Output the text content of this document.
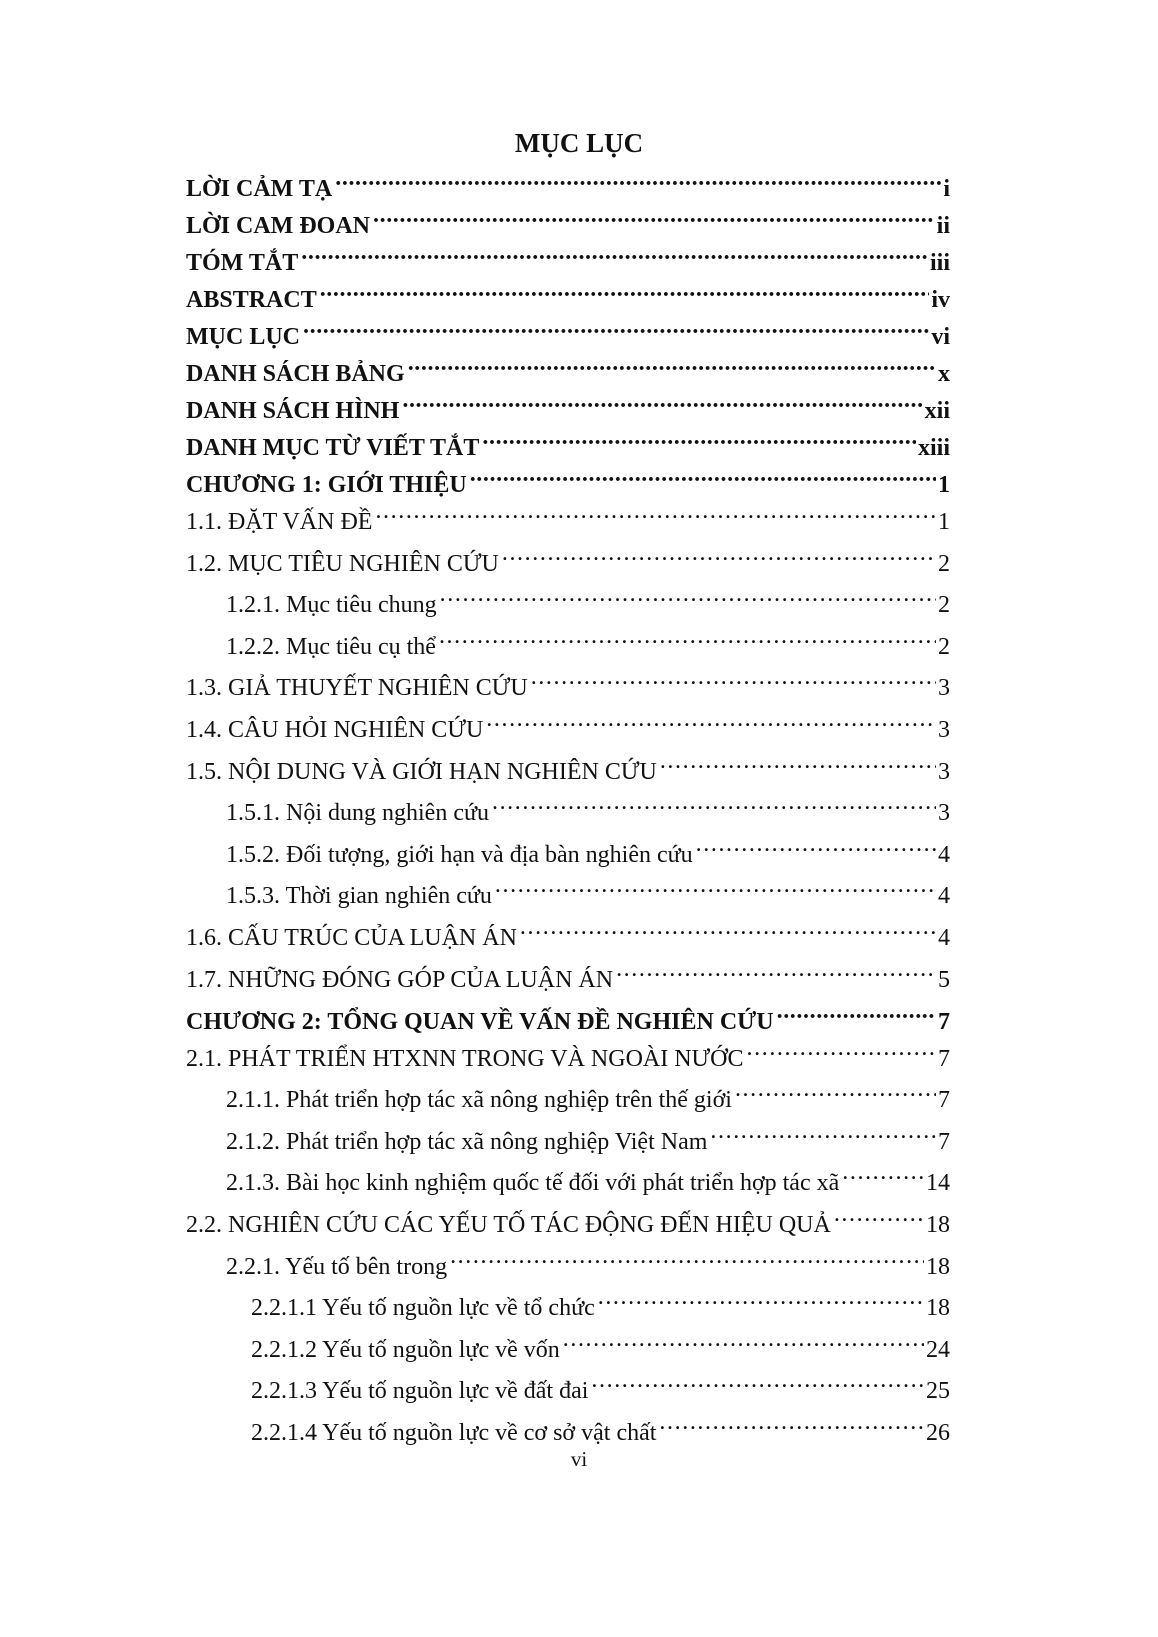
MỤC LỤC
LỜI CẢM TẠ .....	i
LỜI CAM ĐOAN .....	ii
TÓM TẮT .....	iii
ABSTRACT .....	iv
MỤC LỤC .....	vi
DANH SÁCH BẢNG .....	x
DANH SÁCH HÌNH .....	xii
DANH MỤC TỪ VIẾT TẮT .....	xiii
CHƯƠNG 1: GIỚI THIỆU .....	1
1.1. ĐẶT VẤN ĐỀ .....	1
1.2. MỤC TIÊU NGHIÊN CỨU .....	2
1.2.1. Mục tiêu chung .....	2
1.2.2. Mục tiêu cụ thể .....	2
1.3. GIẢ THUYẾT NGHIÊN CỨU .....	3
1.4. CÂU HỎI NGHIÊN CỨU .....	3
1.5. NỘI DUNG VÀ GIỚI HẠN NGHIÊN CỨU .....	3
1.5.1. Nội dung nghiên cứu .....	3
1.5.2. Đối tượng, giới hạn và địa bàn nghiên cứu .....	4
1.5.3. Thời gian nghiên cứu .....	4
1.6. CẤU TRÚC CỦA LUẬN ÁN .....	4
1.7. NHỮNG ĐÓNG GÓP CỦA LUẬN ÁN .....	5
CHƯƠNG 2: TỔNG QUAN VỀ VẤN ĐỀ NGHIÊN CỨU .....	7
2.1. PHÁT TRIỂN HTXNN TRONG VÀ NGOÀI NƯỚC .....	7
2.1.1. Phát triển hợp tác xã nông nghiệp trên thế giới .....	7
2.1.2. Phát triển hợp tác xã nông nghiệp Việt Nam .....	7
2.1.3. Bài học kinh nghiệm quốc tế đối với phát triển hợp tác xã .....	14
2.2. NGHIÊN CỨU CÁC YẾU TỐ TÁC ĐỘNG ĐẾN HIỆU QUẢ .....	18
2.2.1. Yếu tố bên trong .....	18
2.2.1.1 Yếu tố nguồn lực về tổ chức .....	18
2.2.1.2 Yếu tố nguồn lực về vốn .....	24
2.2.1.3 Yếu tố nguồn lực về đất đai .....	25
2.2.1.4 Yếu tố nguồn lực về cơ sở vật chất .....	26
vi
